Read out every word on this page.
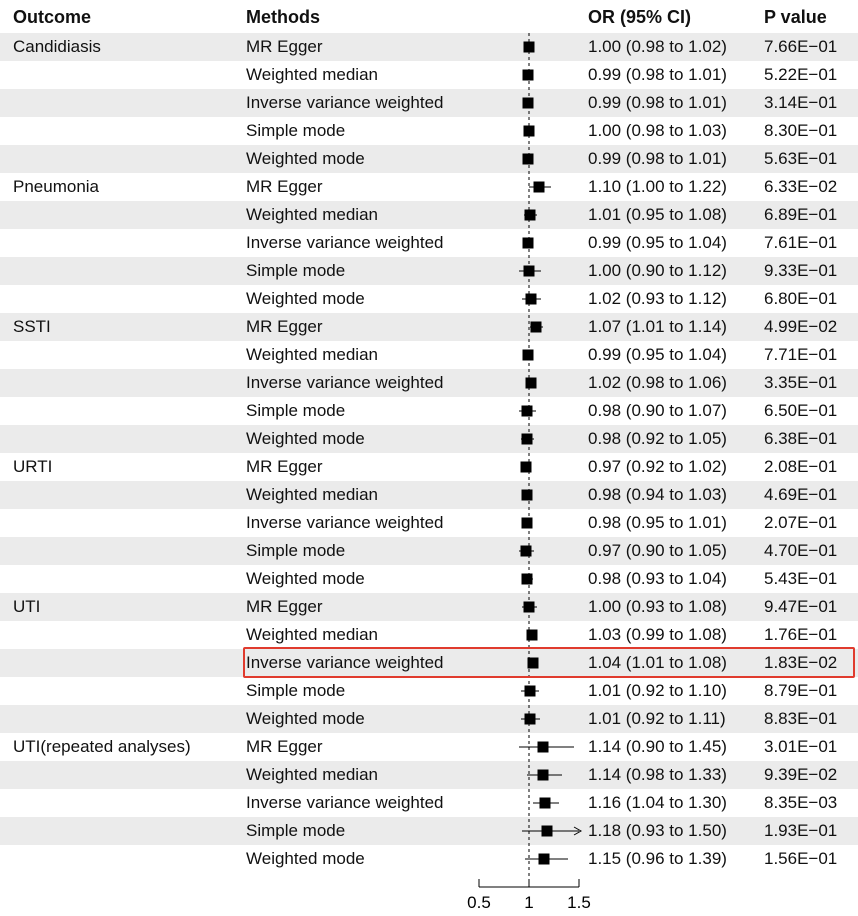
Outcome	Methods	OR (95% CI)	P value
Candidiasis	MR Egger	1.00 (0.98 to 1.02) 7.66E−01
Weighted median	0.99 (0.98 to 1.01) 5.22E−01
Inverse variance weighted	0.99 (0.98 to 1.01) 3.14E−01
Simple mode	1.00 (0.98 to 1.03) 8.30E−01
Weighted mode	0.99 (0.98 to 1.01) 5.63E−01
Pneumonia	MR Egger	1.10 (1.00 to 1.22) 6.33E−02
Weighted median	1.01 (0.95 to 1.08) 6.89E−01
Inverse variance weighted	0.99 (0.95 to 1.04) 7.61E−01
Simple mode	1.00 (0.90 to 1.12) 9.33E−01
Weighted mode	1.02 (0.93 to 1.12) 6.80E−01
SSTI	MR Egger	1.07 (1.01 to 1.14) 4.99E−02
Weighted median	0.99 (0.95 to 1.04) 7.71E−01
Inverse variance weighted	1.02 (0.98 to 1.06) 3.35E−01
Simple mode	0.98 (0.90 to 1.07) 6.50E−01
Weighted mode	0.98 (0.92 to 1.05) 6.38E−01
URTI	MR Egger	0.97 (0.92 to 1.02) 2.08E−01
Weighted median	0.98 (0.94 to 1.03) 4.69E−01
Inverse variance weighted	0.98 (0.95 to 1.01) 2.07E−01
Simple mode	0.97 (0.90 to 1.05) 4.70E−01
Weighted mode	0.98 (0.93 to 1.04) 5.43E−01
UTI	MR Egger	1.00 (0.93 to 1.08) 9.47E−01
Weighted median	1.03 (0.99 to 1.08) 1.76E−01
Inverse variance weighted	1.04 (1.01 to 1.08) 1.83E−02
Simple mode	1.01 (0.92 to 1.10) 8.79E−01
Weighted mode	1.01 (0.92 to 1.11) 8.83E−01
UTI(repeated analyses)	MR Egger	1.14 (0.90 to 1.45) 3.01E−01
Weighted median	1.14 (0.98 to 1.33) 9.39E−02
Inverse variance weighted	1.16 (1.04 to 1.30) 8.35E−03
Simple mode	1.18 (0.93 to 1.50) 1.93E−01
Weighted mode	1.15 (0.96 to 1.39) 1.56E−01
0.5 1 1.5
